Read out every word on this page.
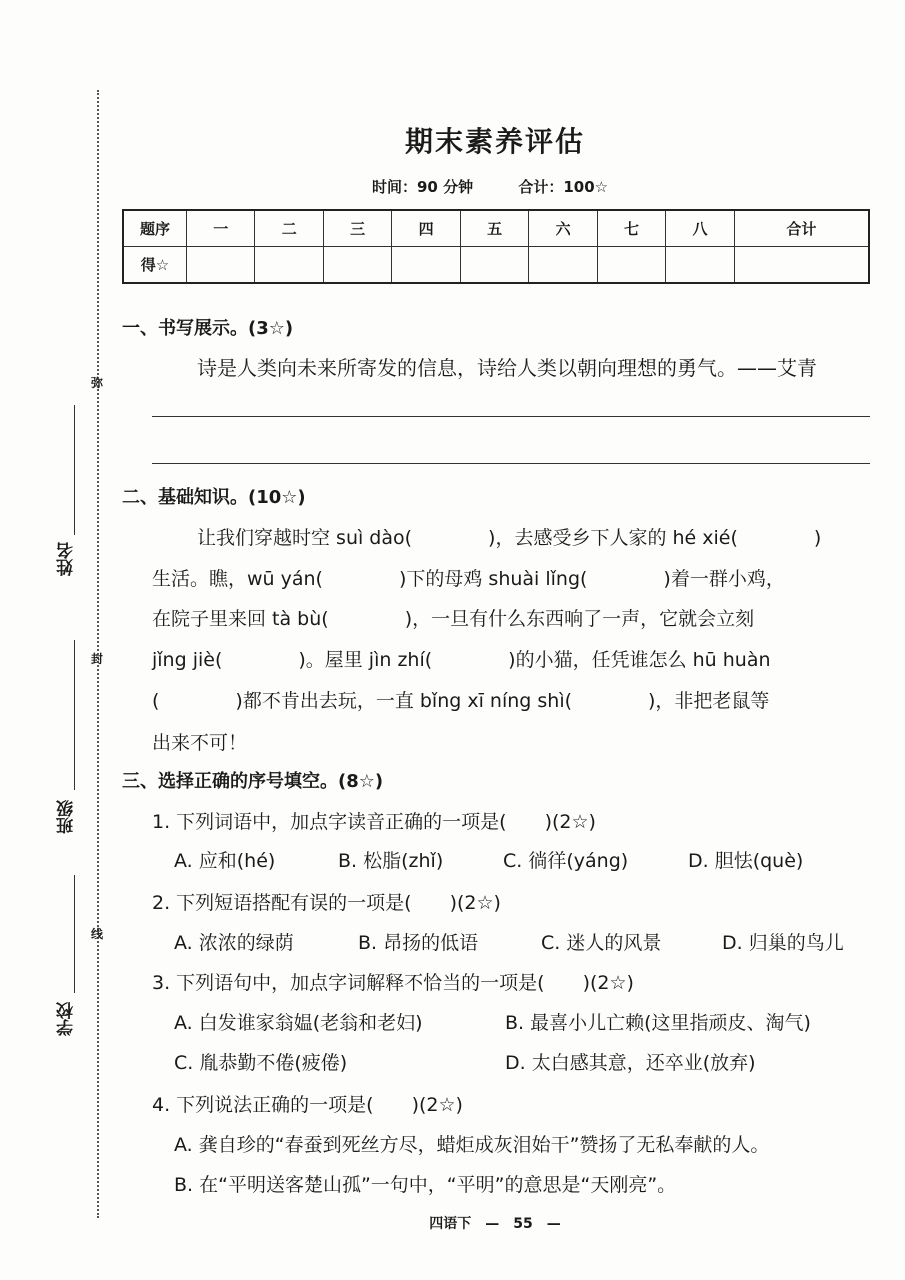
弥
封
线
姓名
班级
学校
期末素养评估
时间：90 分钟	合计：100☆
题序	一	二	三	四	五	六	七	八	合计
得☆									
一、书写展示。(3☆)
诗是人类向未来所寄发的信息，诗给人类以朝向理想的勇气。——艾青
二、基础知识。(10☆)
让我们穿越时空 suì dào(　　　　)，去感受乡下人家的 hé xié(　　　　)
生活。瞧，wū yán(　　　　)下的母鸡 shuài lǐng(　　　　)着一群小鸡，
在院子里来回 tà bù(　　　　)，一旦有什么东西响了一声，它就会立刻
jǐng jiè(　　　　)。屋里 jìn zhí(　　　　)的小猫，任凭谁怎么 hū huàn
(　　　　)都不肯出去玩，一直 bǐng xī níng shì(　　　　)，非把老鼠等
出来不可！
三、选择正确的序号填空。(8☆)
1. 下列词语中，加点字读音正确的一项是(　　)(2☆)
A. 应和(hé)	B. 松脂(zhǐ)	C. 徜徉(yáng)	D. 胆怯(què)
2. 下列短语搭配有误的一项是(　　)(2☆)
A. 浓浓的绿荫	B. 昂扬的低语	C. 迷人的风景	D. 归巢的鸟儿
3. 下列语句中，加点字词解释不恰当的一项是(　　)(2☆)
A. 白发谁家翁媪(老翁和老妇)	B. 最喜小儿亡赖(这里指顽皮、淘气)
C. 胤恭勤不倦(疲倦)	D. 太白感其意，还卒业(放弃)
4. 下列说法正确的一项是(　　)(2☆)
A. 龚自珍的“春蚕到死丝方尽，蜡炬成灰泪始干”赞扬了无私奉献的人。
B. 在“平明送客楚山孤”一句中，“平明”的意思是“天刚亮”。
四语下　—　55　—
